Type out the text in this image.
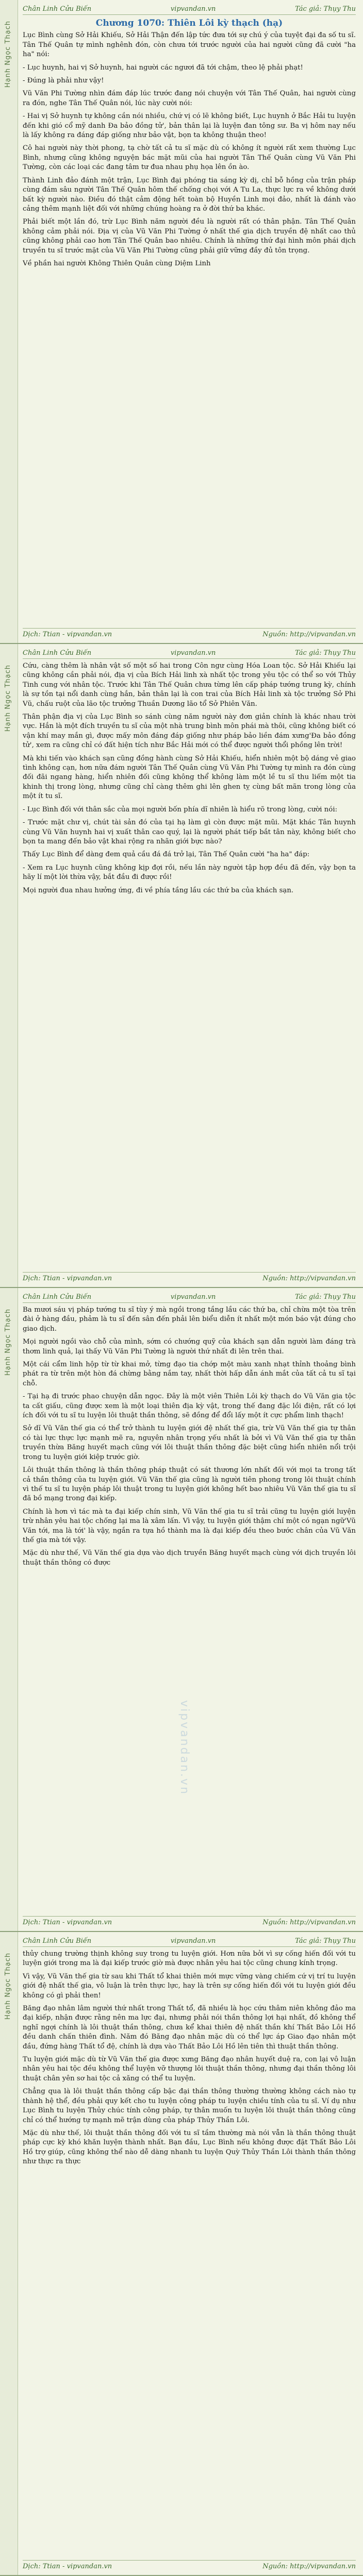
Hạnh Ngọc Thạch
Chân Linh Cửu Biến	vipvandan.vn	Tác giả: Thụy Thu
Chương 1070: Thiên Lôi kỳ thạch (hạ)

Lục Bình cùng Sở Hải Khiếu, Sở Hải Thận đến lập tức đưa tới sự chú ý của tuyệt đại đa số tu sĩ. Tân Thế Quân tự mình nghênh đón, còn chưa tới trước người của hai người cũng đã cười "ha ha" nói:

- Lục huynh, hai vị Sở huynh, hai người các ngươi đã tới chậm, theo lệ phải phạt!

- Đúng là phải như vậy!

Vũ Văn Phi Tường nhìn đám đáp lúc trước đang nói chuyện với Tân Thế Quân, hai người cùng ra đón, nghe Tân Thế Quân nói, lúc này cười nói:

- Hai vị Sở huynh tự không cần nói nhiều, chứ vị có lẽ không biết, Lục huynh ở Bắc Hải tu luyện đến khi gió cổ mỹ danh Đa bảo đồng tử', bản thân lại là luyện đan tông sư. Ba vị hôm nay nếu là lấy không ra đáng đáp giống như bảo vật, bọn ta không thuận theo!

Cô hai người này thời phong, tạ chờ tất cả tu sĩ mặc dù có không ít người rất xem thường Lục Bình, nhưng cũng không nguyện bác mặt mũi của hai người Tân Thế Quân cùng Vũ Văn Phi Tường, còn các loại các đang tâm tư đua nhau phụ họa lên ồn ào.

Thành Linh đảo đánh một trận, Lục Bình đại phóng tia sáng kỳ dị, chỉ bỗ hồng của trận pháp cùng đám sâu người Tân Thế Quân hôm thế chống chọi với A Tu La, thực lực ra về không dưới bất kỳ người nào. Điều đó thật cảm động hết toàn bộ Huyền Linh mọi đảo, nhất là đánh vào cảng thêm mạnh liệt đối với những chúng hoàng ra ở đời thứ ba khác.

Phải biết một lần đó, trừ Lục Bình năm người đều là người rất có thân phận. Tân Thế Quân không cảm phải nói. Địa vị của Vũ Văn Phi Tường ở nhất thế gia dịch truyền đệ nhất cao thủ cũng không phải cao hơn Tân Thế Quân bao nhiêu. Chính là những thứ đại hình môn phái dịch truyền tu sĩ trước mặt của Vũ Văn Phi Tường cũng phải giữ vững đầy đủ tôn trọng.

Về phần hai người Không Thiên Quân cùng Diệm Linh

Dịch: Ttian - vipvandan.vn	Nguồn: http://vipvandan.vn
Hạnh Ngọc Thạch
Chân Linh Cửu Biến	vipvandan.vn	Tác giả: Thụy Thu

Cứu, càng thêm là nhân vật số một số hai trong Côn ngư cùng Hóa Loan tộc. Sở Hải Khiếu lại cũng không cần phải nói, địa vị của Bích Hải linh xà nhất tộc trong yêu tộc có thể so với Thủy Tinh cung với nhân tộc. Trước khi Tân Thế Quân chưa từng lên cấp pháp tướng trung kỳ, chính là sự tồn tại nổi danh cùng hắn, bản thân lại là con trai của Bích Hải linh xà tộc trưởng Sở Phi Vũ, chấu ruột của lão tộc trưởng Thuần Dương lão tổ Sở Phiên Văn.

Thân phận địa vị của Lục Bình so sánh cùng năm người này đơn giản chính là khác nhau trời vực. Hắn là một đích truyền tu sĩ của một nhà trung bình môn phái mà thôi, cũng không biết có vận khí may mắn gì, được mấy môn đáng đáp giống như pháp bảo liền đám xưng'Đa bảo đồng tử', xem ra cũng chỉ có đất hiện tích như Bắc Hải mới có thể được người thổi phồng lên trời!

Mà khi tiến vào khách sạn cũng đồng hành cùng Sở Hải Khiếu, hiển nhiên một bộ dáng vẻ giao tình không cạn, hơn nữa đám người Tân Thế Quân cùng Vũ Văn Phi Tường tự mình ra đón cùng đối đãi ngang hàng, hiển nhiên đối cũng không thể không làm một lề tu sĩ thu liếm một tia khinh thị trong lòng, nhưng cũng chỉ càng thêm ghi lên ghen tỵ cùng bất mãn trong lòng của một ít tu sĩ.

- Lục Bình đối với thân sắc của mọi người bốn phía dĩ nhiên là hiểu rõ trong lòng, cười nói:

- Trước mặt chư vị, chút tài sản đó của tại hạ làm gì còn được mặt mũi. Mặt khác Tân huynh cùng Vũ Văn huynh hai vị xuất thân cao quý, lại là người phát tiếp bắt tân này, không biết cho bọn ta mang đến bảo vật khai rộng ra nhãn giới bực nào?

Thấy Lục Bình để dàng đem quả cầu đá đá trở lại, Tân Thế Quân cười "ha ha" đáp:

- Xem ra Lục huynh cũng không kịp đợi rồi, nếu lần này người tập hợp đều đã đến, vậy bọn ta hãy lí một lời thừa vậy, bắt đầu đi được rồi!

Mọi người đua nhau hưởng ứng, đi về phía tầng lầu các thứ ba của khách sạn.

Dịch: Ttian - vipvandan.vn	Nguồn: http://vipvandan.vn
Hạnh Ngọc Thạch
Chân Linh Cửu Biến	vipvandan.vn	Tác giả: Thụy Thu

Ba mươi sáu vị pháp tướng tu sĩ tùy ý mà ngồi trong tầng lầu các thứ ba, chỉ chừa một tòa trên đài ở hàng đầu, phảm là tu sĩ đến sân đến phải lên biểu diễn ít nhất một món báo vật đúng cho giao dịch.

Mọi người ngồi vào chỗ của mình, sớm có chướng quỹ của khách sạn dẫn người làm đáng trà thơm linh quả, lại thấy Vũ Văn Phi Tường là người thứ nhất đi lên trên thai.

Một cái cẩm linh hộp từ từ khai mở, từng đạo tia chớp một màu xanh nhạt thỉnh thoảng bình phát ra từ trên một hòn đá chừng bằng nắm tay, nhất thời hấp dẫn ánh mắt của tất cả tu sĩ tại chỗ.

- Tại hạ đi trước phao chuyện dẫn ngọc. Đây là một viên Thiên Lôi kỳ thạch do Vũ Văn gia tộc ta cất giấu, cũng được xem là một loại thiên địa kỳ vật, trong thế đang đặc lồi điện, rất có lợi ích đối với tu sĩ tu luyện lôi thuật thần thông, sẽ đồng để đổi lấy một ít cực phẩm linh thạch!

Sở dĩ Vũ Văn thế gia có thể trở thành tu luyện giới đệ nhất thế gia, trừ Vũ Văn thế gia tự thân có tài lực thực lực mạnh mẽ ra, nguyên nhân trọng yếu nhất là bởi vì Vũ Văn thế gia tự thân truyền thừa Băng huyết mạch cũng với lôi thuật thần thông đặc biệt cũng hiển nhiên nổi trội trong tu luyện giới kiệp trước giờ.

Lôi thuật thần thông là thần thông pháp thuật có sát thương lớn nhất đối với mọi ta trong tất cả thần thông của tu luyện giới. Vũ Văn thế gia cũng là người tiên phong trong lôi thuật chính vì thế tu sĩ tu luyện pháp lôi thuật trong tu luyện giới không hết bao nhiêu Vũ Văn thế gia tu sĩ đã bồ mạng trong đại kiếp.

Chính là hơn vì tác mà ta đại kiếp chín sinh, Vũ Văn thế gia tu sĩ trải cũng tu luyện giới luyện trừ nhân yêu hai tộc chống lại ma là xâm lấn. Vì vậy, tu luyện giới thậm chí một có ngạn ngữ'Vũ Văn tới, ma là tới' là vậy, ngắn ra tựa hồ thành ma là đại kiếp đều theo bước chân của Vũ Văn thế gia mà tới vậy.

Mặc dù như thế, Vũ Văn thế gia dựa vào dịch truyền Băng huyết mạch cùng với dịch truyền lôi thuật thần thông có được

Dịch: Ttian - vipvandan.vn	Nguồn: http://vipvandan.vn
Hạnh Ngọc Thạch
Chân Linh Cửu Biến	vipvandan.vn	Tác giả: Thụy Thu

thủy chung trường thịnh không suy trong tu luyện giới. Hơn nữa bởi vì sự cống hiến đối với tu luyện giới trong ma là đại kiếp trước giờ mà được nhân yêu hai tộc cũng chung kính trọng.

Vì vậy, Vũ Văn thế gia từ sau khi Thất tổ khai thiên mới mực vững vàng chiếm cứ vị trí tu luyện giới đệ nhất thế gia, vô luận là trên thực lực, hay là trên sự cống hiến đối với tu luyện giới đều không có gì phải then!

Băng đạo nhân lâm người thứ nhất trong Thất tổ, đã nhiều là học cứu thâm niên không đảo ma đại kiếp, nhận được rằng nên ma lực đại, nhưng phải nói thần thông lợi hại nhất, đồ không thể nghĩ ngợi chính là lôi thuật thần thông, chưa kể khai thiên đệ nhất thần khí Thất Bảo Lôi Hồ đều danh chấn thiên đình. Năm đó Băng đạo nhân mặc dù có thể lực áp Giao đạo nhân một đầu, đứng hàng Thất tổ đệ, chính là dựa vào Thất Bảo Lôi Hồ lên tiên thì thuật thần thông.

Tu luyện giới mặc dù từ Vũ Văn thế gia được xưng Băng đạo nhân huyết duệ ra, con lại vô luận nhân yêu hai tộc đều không thể luyện vỡ thượng lôi thuật thần thông, nhưng đại thần thông lôi thuật chân yên sơ hai tộc cả xăng có thể tu luyện.

Chẳng qua là lôi thuật thần thông cấp bậc đại thần thông thường thường không cách nào tự thành hệ thể, đều phải quy kết cho tu luyện công pháp tu luyện chiều tính của tu sĩ. Ví dụ như Lục Bình tu luyện Thủy chúc tính công pháp, tự thân muốn tu luyện lôi thuật thần thông cũng chỉ có thể hướng tự mạnh mẽ trận dùng của pháp Thủy Thần Lôi.

Mặc dù như thế, lôi thuật thần thông đối với tu sĩ tầm thường mà nói vẫn là thần thông thuật pháp cực kỳ khó khăn luyện thành nhất. Bạn đầu, Lục Bình nếu không được đặt Thất Bảo Lôi Hồ trợ giúp, cũng không thể nào dễ dàng nhanh tu luyện Quỳ Thủy Thần Lôi thành thần thông như thực ra thực

Dịch: Ttian - vipvandan.vn	Nguồn: http://vipvandan.vn
vipvandan.vn
